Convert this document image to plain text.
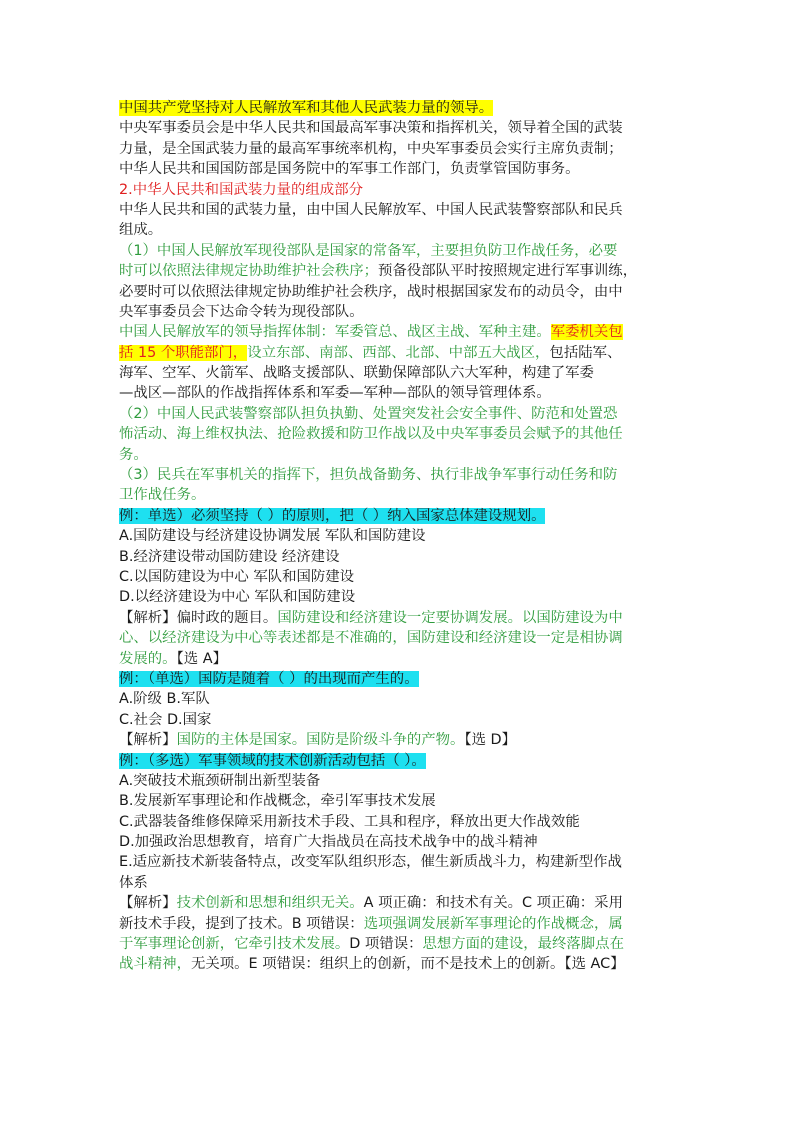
中国共产党坚持对人民解放军和其他人民武装力量的领导。
中央军事委员会是中华人民共和国最高军事决策和指挥机关，领导着全国的武装
力量，是全国武装力量的最高军事统率机构，中央军事委员会实行主席负责制；
中华人民共和国国防部是国务院中的军事工作部门，负责掌管国防事务。
2.中华人民共和国武装力量的组成部分
中华人民共和国的武装力量，由中国人民解放军、中国人民武装警察部队和民兵
组成。
（1）中国人民解放军现役部队是国家的常备军，主要担负防卫作战任务，必要
时可以依照法律规定协助维护社会秩序；预备役部队平时按照规定进行军事训练，
必要时可以依照法律规定协助维护社会秩序，战时根据国家发布的动员令，由中
央军事委员会下达命令转为现役部队。
中国人民解放军的领导指挥体制：军委管总、战区主战、军种主建。军委机关包
括 15 个职能部门，设立东部、南部、西部、北部、中部五大战区，包括陆军、
海军、空军、火箭军、战略支援部队、联勤保障部队六大军种，构建了军委
—战区—部队的作战指挥体系和军委—军种—部队的领导管理体系。
（2）中国人民武装警察部队担负执勤、处置突发社会安全事件、防范和处置恐
怖活动、海上维权执法、抢险救援和防卫作战以及中央军事委员会赋予的其他任
务。
（3）民兵在军事机关的指挥下，担负战备勤务、执行非战争军事行动任务和防
卫作战任务。
例：单选）必须坚持（ ）的原则，把（ ）纳入国家总体建设规划。
A.国防建设与经济建设协调发展 军队和国防建设
B.经济建设带动国防建设 经济建设
C.以国防建设为中心 军队和国防建设
D.以经济建设为中心 军队和国防建设
【解析】偏时政的题目。国防建设和经济建设一定要协调发展。以国防建设为中
心、以经济建设为中心等表述都是不准确的，国防建设和经济建设一定是相协调
发展的。【选 A】
例：（单选）国防是随着（ ）的出现而产生的。
A.阶级 B.军队
C.社会 D.国家
【解析】国防的主体是国家。国防是阶级斗争的产物。【选 D】
例：（多选）军事领域的技术创新活动包括（ ）。
A.突破技术瓶颈研制出新型装备
B.发展新军事理论和作战概念，牵引军事技术发展
C.武器装备维修保障采用新技术手段、工具和程序，释放出更大作战效能
D.加强政治思想教育，培育广大指战员在高技术战争中的战斗精神
E.适应新技术新装备特点，改变军队组织形态，催生新质战斗力，构建新型作战
体系
【解析】技术创新和思想和组织无关。A 项正确：和技术有关。C 项正确：采用
新技术手段，提到了技术。B 项错误：选项强调发展新军事理论的作战概念，属
于军事理论创新，它牵引技术发展。D 项错误：思想方面的建设，最终落脚点在
战斗精神，无关项。E 项错误：组织上的创新，而不是技术上的创新。【选 AC】
